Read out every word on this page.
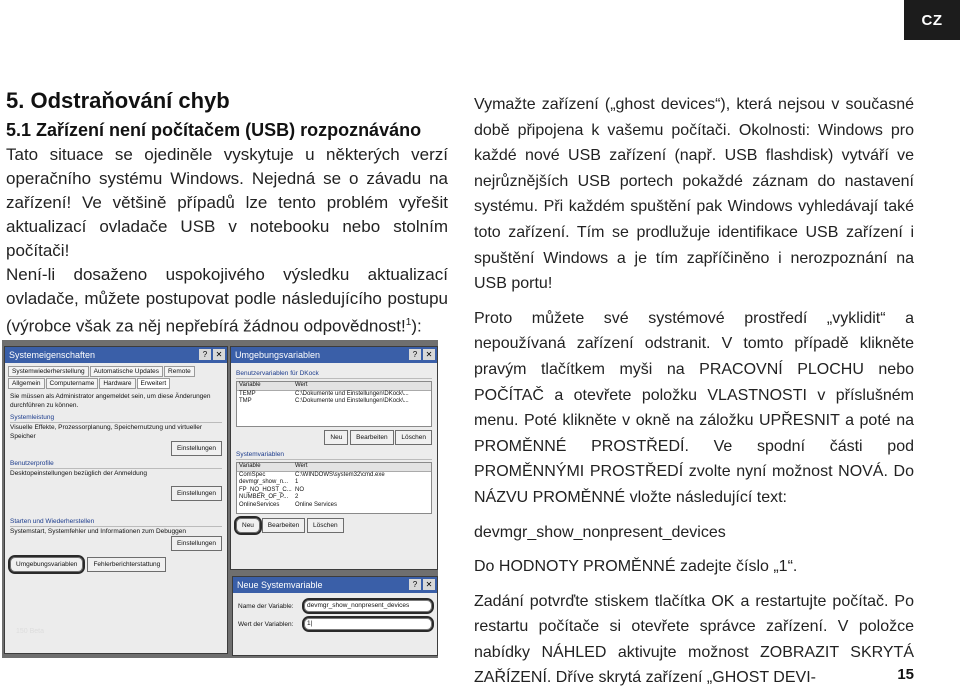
CZ
5. Odstraňování chyb
5.1 Zařízení není počítačem (USB) rozpoznáváno

Tato situace se ojediněle vyskytuje u některých verzí operačního systému Windows. Nejedná se o závadu na zařízení! Ve většině případů lze tento problém vyřešit aktualizací ovladače USB v notebooku nebo stolním počítači!

Není-li dosaženo uspokojivého výsledku aktualizací ovladače, můžete postupovat podle následujícího postupu (výrobce však za něj nepřebírá žádnou odpovědnost!$^1$):

Systemeigenschaften	?	✕
Systemwiederherstellung	Automatische Updates	Remote
Allgemein	Computername	Hardware	Erweitert
Sie müssen als Administrator angemeldet sein, um diese Änderungen durchführen zu können.
Systemleistung
Visuelle Effekte, Prozessorplanung, Speichernutzung und virtueller Speicher
Einstellungen
Benutzerprofile
Desktopeinstellungen bezüglich der Anmeldung
Einstellungen
Starten und Wiederherstellen
Systemstart, Systemfehler und Informationen zum Debuggen
Einstellungen
Umgebungsvariablen	Fehlerberichterstattung
150 Beta
Umgebungsvariablen	?	✕
Benutzervariablen für DKock
Variable	Wert
TEMP	C:\Dokumente und Einstellungen\DKock\...
TMP	C:\Dokumente und Einstellungen\DKock\...
Neu Bearbeiten Löschen
Systemvariablen
Variable	Wert
ComSpec	C:\WINDOWS\system32\cmd.exe
devmgr_show_n...	1
FP_NO_HOST_C... NO
NUMBER_OF_P...	2
OnlineServices	Online Services
Neu Bearbeiten Löschen
Neue Systemvariable	?	✕
Name der Variable:	devmgr_show_nonpresent_devices
Wert der Variablen:	1|

Vymažte zařízení („ghost devices“), která nejsou v současné době připojena k vašemu počítači. Okolnosti: Windows pro každé nové USB zařízení (např. USB flashdisk) vytváří ve nejrůznějších USB portech pokaždé záznam do nastavení systému. Při každém spuštění pak Windows vyhledávají také toto zařízení. Tím se prodlužuje identifikace USB zařízení i spuštění Windows a je tím zapříčiněno i nerozpoznání na USB portu!

Proto můžete své systémové prostředí „vyklidit“ a nepoužívaná zařízení odstranit. V tomto případě klikněte pravým tlačítkem myši na PRACOVNÍ PLOCHU nebo POČÍTAČ a otevřete položku VLASTNOSTI v příslušném menu. Poté klikněte v okně na záložku UPŘESNIT a poté na PROMĚNNÉ PROSTŘEDÍ. Ve spodní části pod PROMĚNNÝMI PROSTŘEDÍ zvolte nyní možnost NOVÁ. Do NÁZVU PROMĚNNÉ vložte následující text:

devmgr_show_nonpresent_devices

Do HODNOTY PROMĚNNÉ zadejte číslo „1“.

Zadání potvrďte stiskem tlačítka OK a restartujte počítač. Po restartu počítače si otevřete správce zařízení. V položce nabídky NÁHLED aktivujte možnost ZOBRAZIT SKRYTÁ ZAŘÍZENÍ. Dříve skrytá zařízení „GHOST DEVI-	15
